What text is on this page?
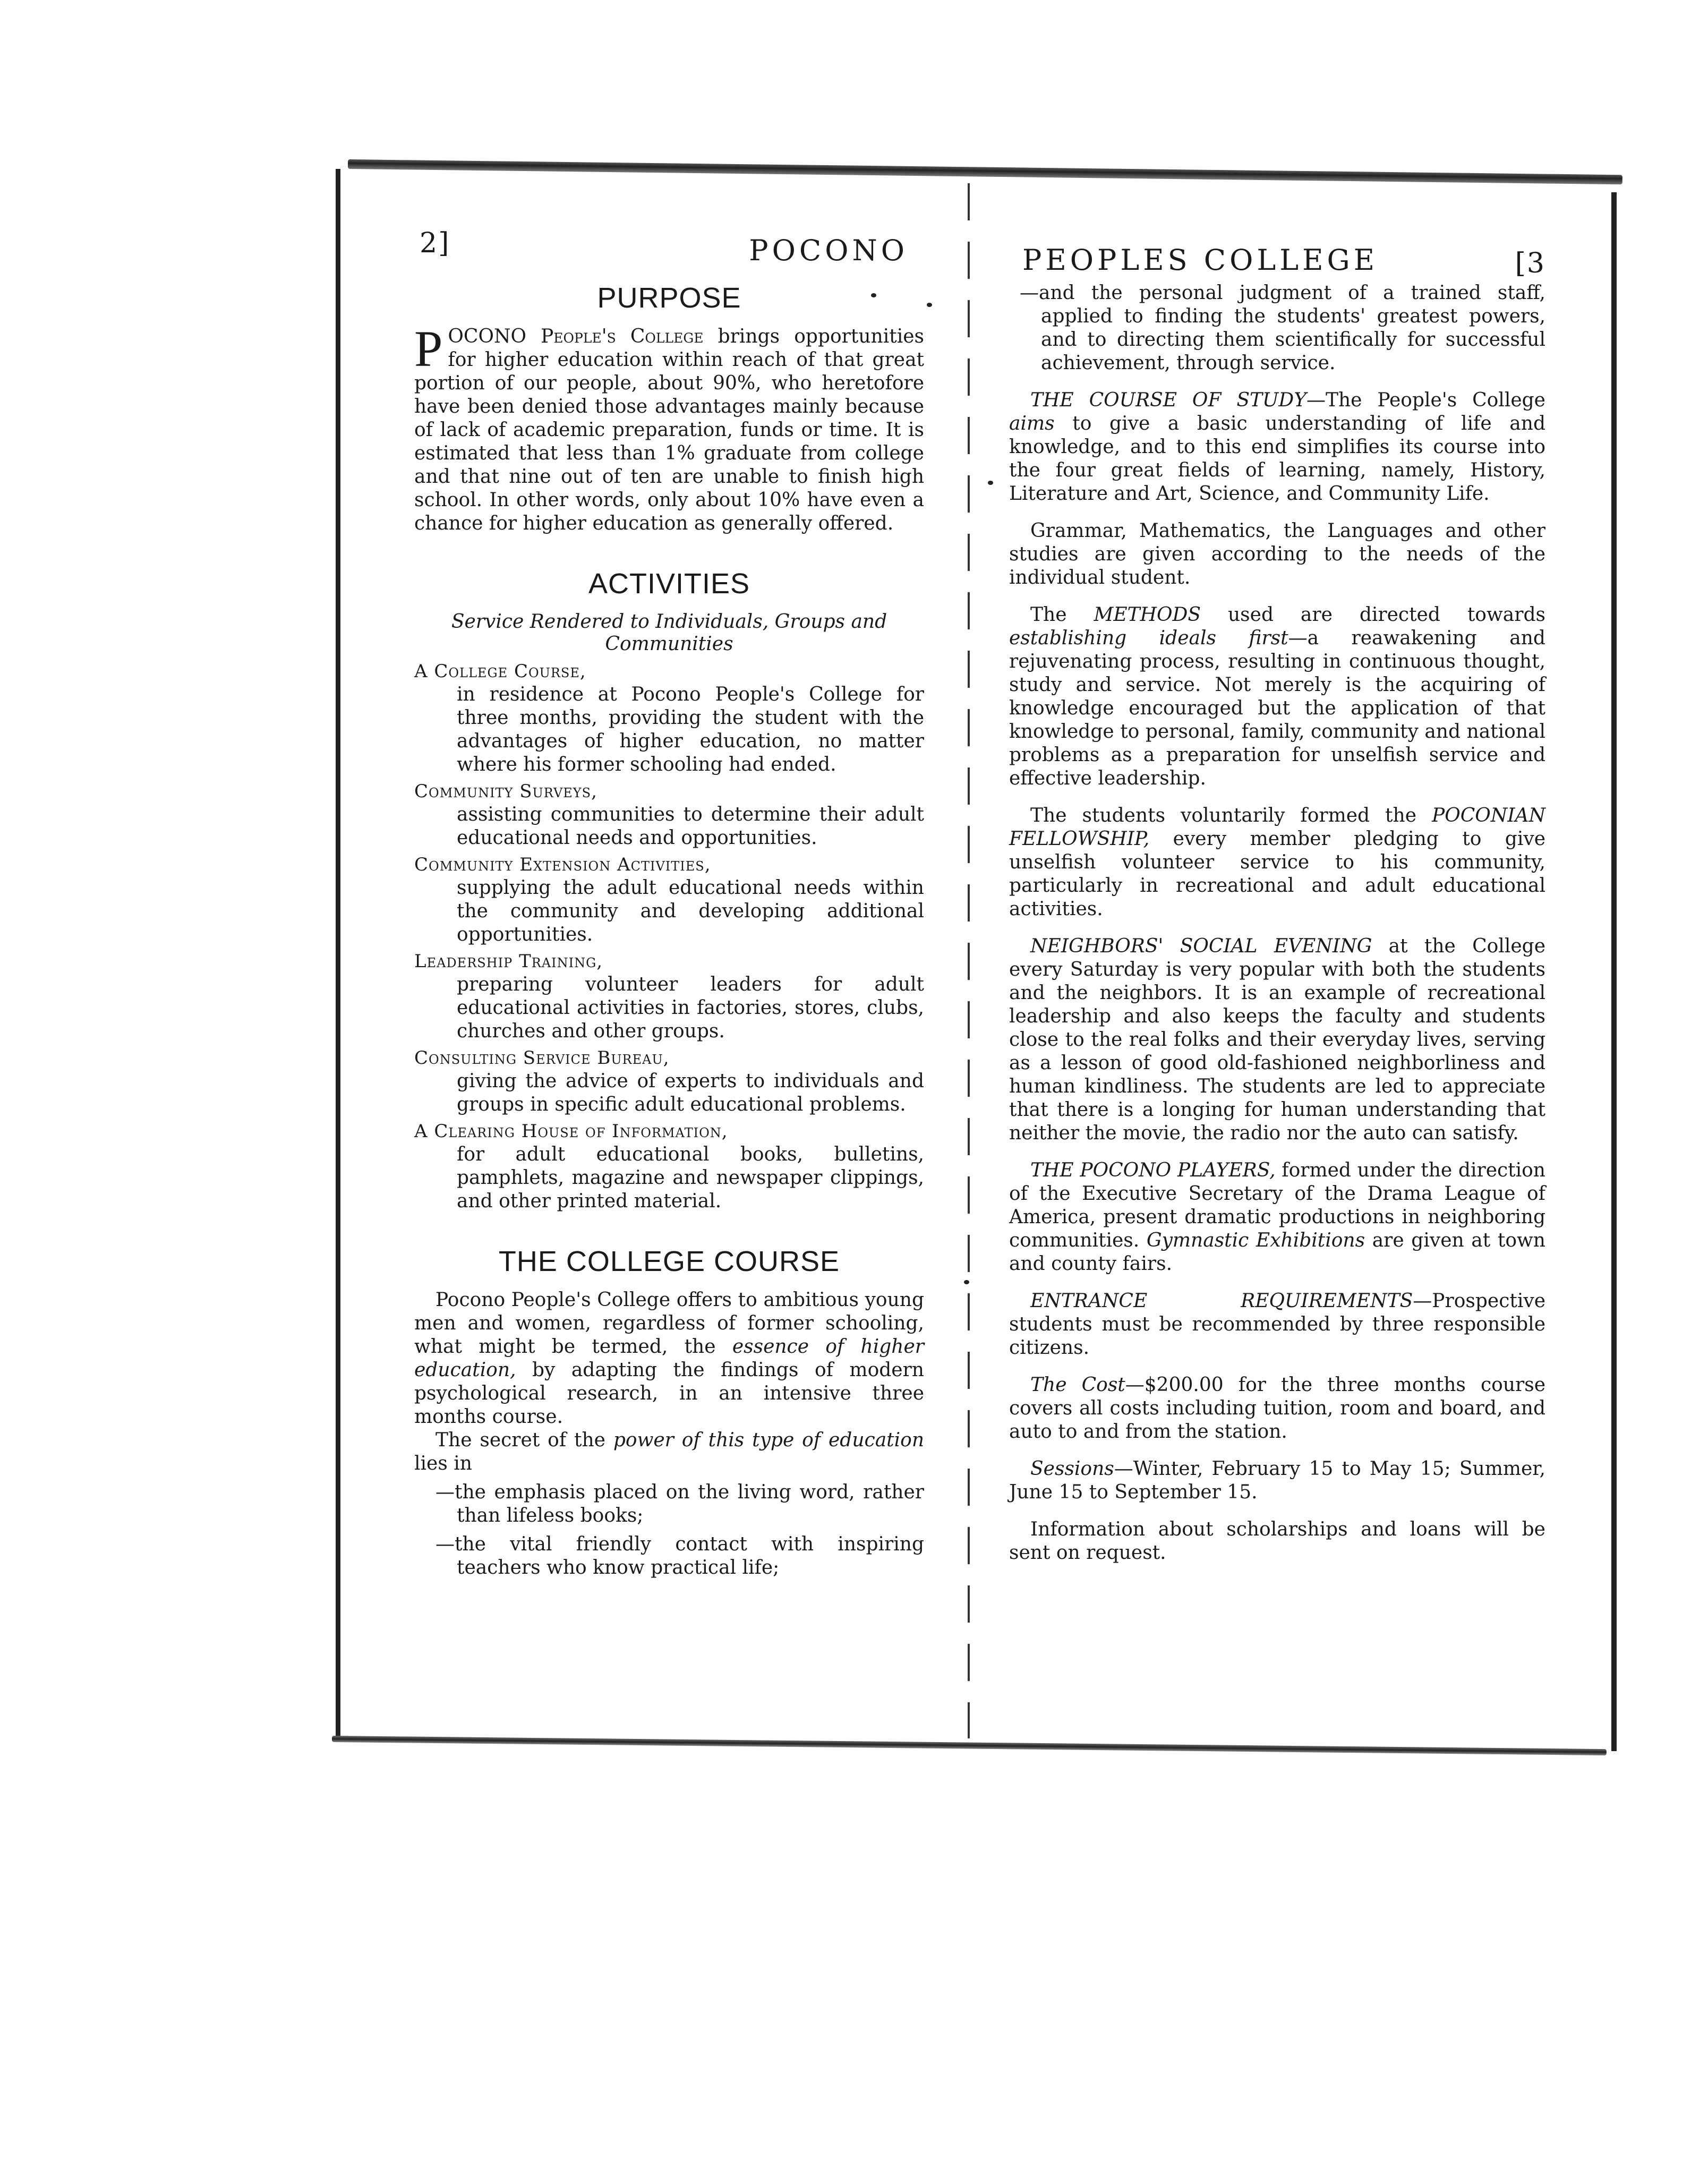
2]	POCONO
PURPOSE

POCONO People's College brings opportunities for higher education within reach of that great portion of our people, about 90%, who heretofore have been denied those advantages mainly because of lack of academic preparation, funds or time. It is estimated that less than 1% graduate from college and that nine out of ten are unable to finish high school. In other words, only about 10% have even a chance for higher education as generally offered.

ACTIVITIES
Service Rendered to Individuals, Groups and Communities
A College Course,
in residence at Pocono People's College for three months, providing the student with the advantages of higher education, no matter where his former schooling had ended.
Community Surveys,
assisting communities to determine their adult educational needs and opportunities.
Community Extension Activities,
supplying the adult educational needs within the community and developing additional opportunities.
Leadership Training,
preparing volunteer leaders for adult educational activities in factories, stores, clubs, churches and other groups.
Consulting Service Bureau,
giving the advice of experts to individuals and groups in specific adult educational problems.
A Clearing House of Information,
for adult educational books, bulletins, pamphlets, magazine and newspaper clippings, and other printed material.
THE COLLEGE COURSE

Pocono People's College offers to ambitious young men and women, regardless of former schooling, what might be termed, the essence of higher education, by adapting the findings of modern psychological research, in an intensive three months course.

The secret of the power of this type of education lies in

—the emphasis placed on the living word, rather than lifeless books;

—the vital friendly contact with inspiring teachers who know practical life;

PEOPLES COLLEGE	[3

—and the personal judgment of a trained staff, applied to finding the students' greatest powers, and to directing them scientifically for successful achievement, through service.

THE COURSE OF STUDY—The People's College aims to give a basic understanding of life and knowledge, and to this end simplifies its course into the four great fields of learning, namely, History, Literature and Art, Science, and Community Life.

Grammar, Mathematics, the Languages and other studies are given according to the needs of the individual student.

The METHODS used are directed towards establishing ideals first—a reawakening and rejuvenating process, resulting in continuous thought, study and service. Not merely is the acquiring of knowledge encouraged but the application of that knowledge to personal, family, community and national problems as a preparation for unselfish service and effective leadership.

The students voluntarily formed the POCONIAN FELLOWSHIP, every member pledging to give unselfish volunteer service to his community, particularly in recreational and adult educational activities.

NEIGHBORS' SOCIAL EVENING at the College every Saturday is very popular with both the students and the neighbors. It is an example of recreational leadership and also keeps the faculty and students close to the real folks and their everyday lives, serving as a lesson of good old-fashioned neighborliness and human kindliness. The students are led to appreciate that there is a longing for human understanding that neither the movie, the radio nor the auto can satisfy.

THE POCONO PLAYERS, formed under the direction of the Executive Secretary of the Drama League of America, present dramatic productions in neighboring communities. Gymnastic Exhibitions are given at town and county fairs.

ENTRANCE REQUIREMENTS—Prospective students must be recommended by three responsible citizens.

The Cost—$200.00 for the three months course covers all costs including tuition, room and board, and auto to and from the station.

Sessions—Winter, February 15 to May 15; Summer, June 15 to September 15.

Information about scholarships and loans will be sent on request.
